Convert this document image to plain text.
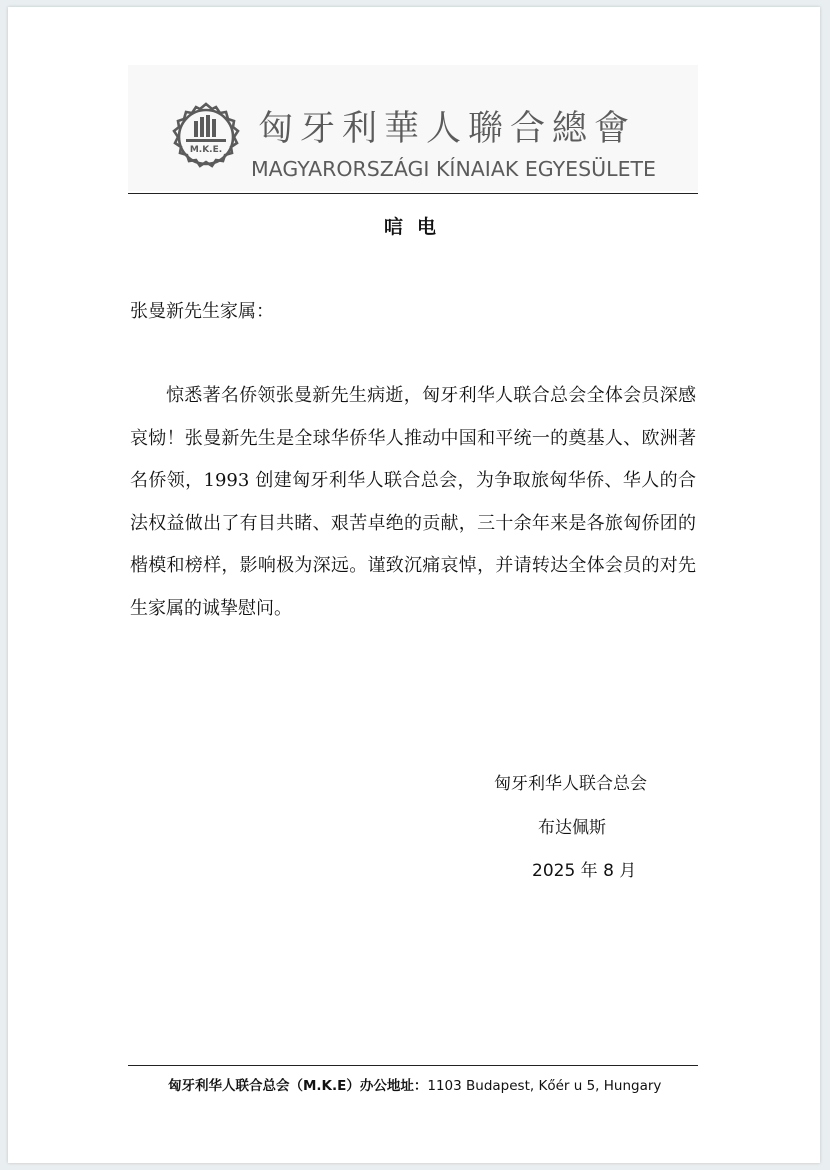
M.K.E.
匈牙利華人聯合總會
MAGYARORSZÁGI KÍNAIAK EGYESÜLETE
唁电
张曼新先生家属：

惊悉著名侨领张曼新先生病逝，匈牙利华人联合总会全体会员深感哀恸！张曼新先生是全球华侨华人推动中国和平统一的奠基人、欧洲著名侨领，1993 创建匈牙利华人联合总会，为争取旅匈华侨、华人的合法权益做出了有目共睹、艰苦卓绝的贡献，三十余年来是各旅匈侨团的楷模和榜样，影响极为深远。谨致沉痛哀悼，并请转达全体会员的对先生家属的诚挚慰问。

匈牙利华人联合总会
布达佩斯
2025 年 8 月
匈牙利华人联合总会（M.K.E）办公地址：1103 Budapest, Kőér u 5, Hungary
